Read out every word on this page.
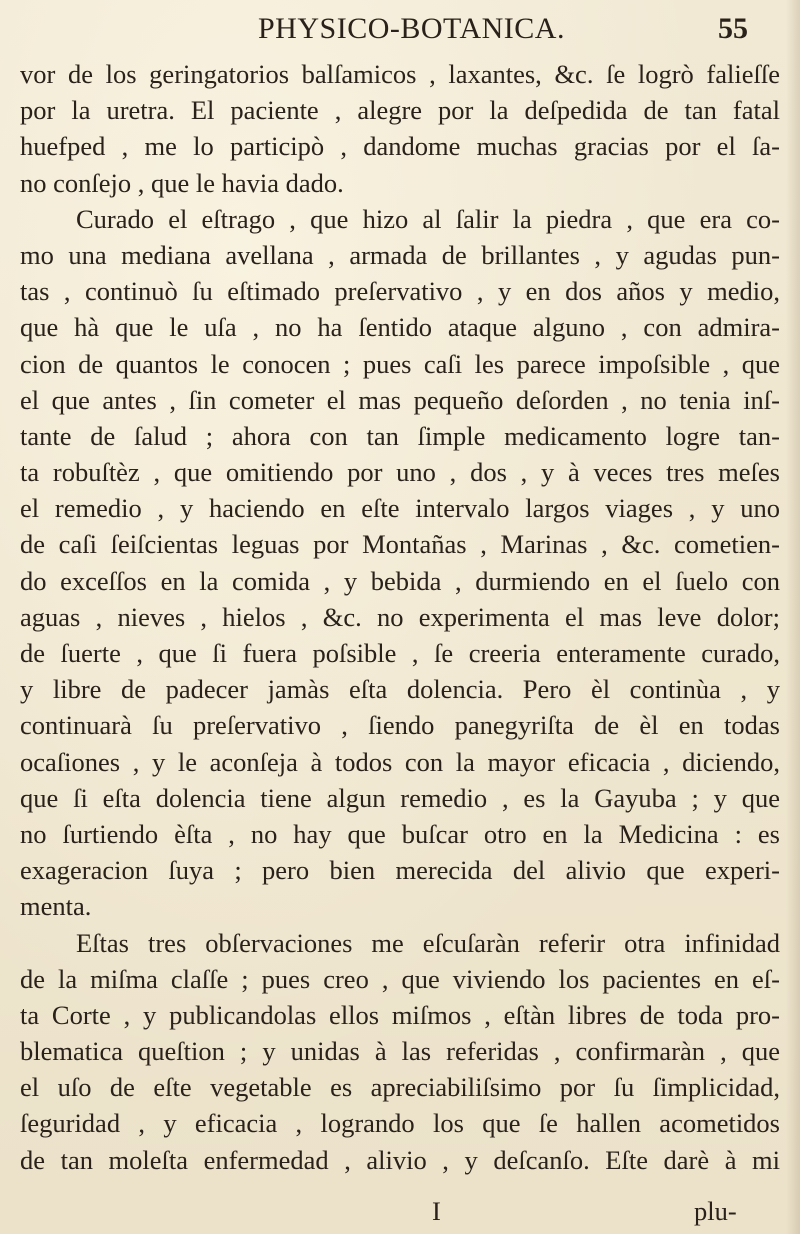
PHYSICO-BOTANICA.	55
vor de los geringatorios balſamicos , laxantes, &c. ſe logrò falieſſe
por la uretra. El paciente , alegre por la deſpedida de tan fatal
huefped , me lo participò , dandome muchas gracias por el ſa-
no conſejo , que le havia dado.
Curado el eſtrago , que hizo al ſalir la piedra , que era co-
mo una mediana avellana , armada de brillantes , y agudas pun-
tas , continuò ſu eſtimado preſervativo , y en dos años y medio,
que hà que le uſa , no ha ſentido ataque alguno , con admira-
cion de quantos le conocen ; pues caſi les parece impoſsible , que
el que antes , ſin cometer el mas pequeño deſorden , no tenia inſ-
tante de ſalud ; ahora con tan ſimple medicamento logre tan-
ta robuſtèz , que omitiendo por uno , dos , y à veces tres meſes
el remedio , y haciendo en eſte intervalo largos viages , y uno
de caſi ſeiſcientas leguas por Montañas , Marinas , &c. cometien-
do exceſſos en la comida , y bebida , durmiendo en el ſuelo con
aguas , nieves , hielos , &c. no experimenta el mas leve dolor;
de ſuerte , que ſi fuera poſsible , ſe creeria enteramente curado,
y libre de padecer jamàs eſta dolencia. Pero èl continùa , y
continuarà ſu preſervativo , ſiendo panegyriſta de èl en todas
ocaſiones , y le aconſeja à todos con la mayor eficacia , diciendo,
que ſi eſta dolencia tiene algun remedio , es la Gayuba ; y que
no ſurtiendo èſta , no hay que buſcar otro en la Medicina : es
exageracion ſuya ; pero bien merecida del alivio que experi-
menta.
Eſtas tres obſervaciones me eſcuſaràn referir otra infinidad
de la miſma claſſe ; pues creo , que viviendo los pacientes en eſ-
ta Corte , y publicandolas ellos miſmos , eſtàn libres de toda pro-
blematica queſtion ; y unidas à las referidas , confirmaràn , que
el uſo de eſte vegetable es apreciabiliſsimo por ſu ſimplicidad,
ſeguridad , y eficacia , logrando los que ſe hallen acometidos
de tan moleſta enfermedad , alivio , y deſcanſo. Eſte darè à mi
I	plu-
